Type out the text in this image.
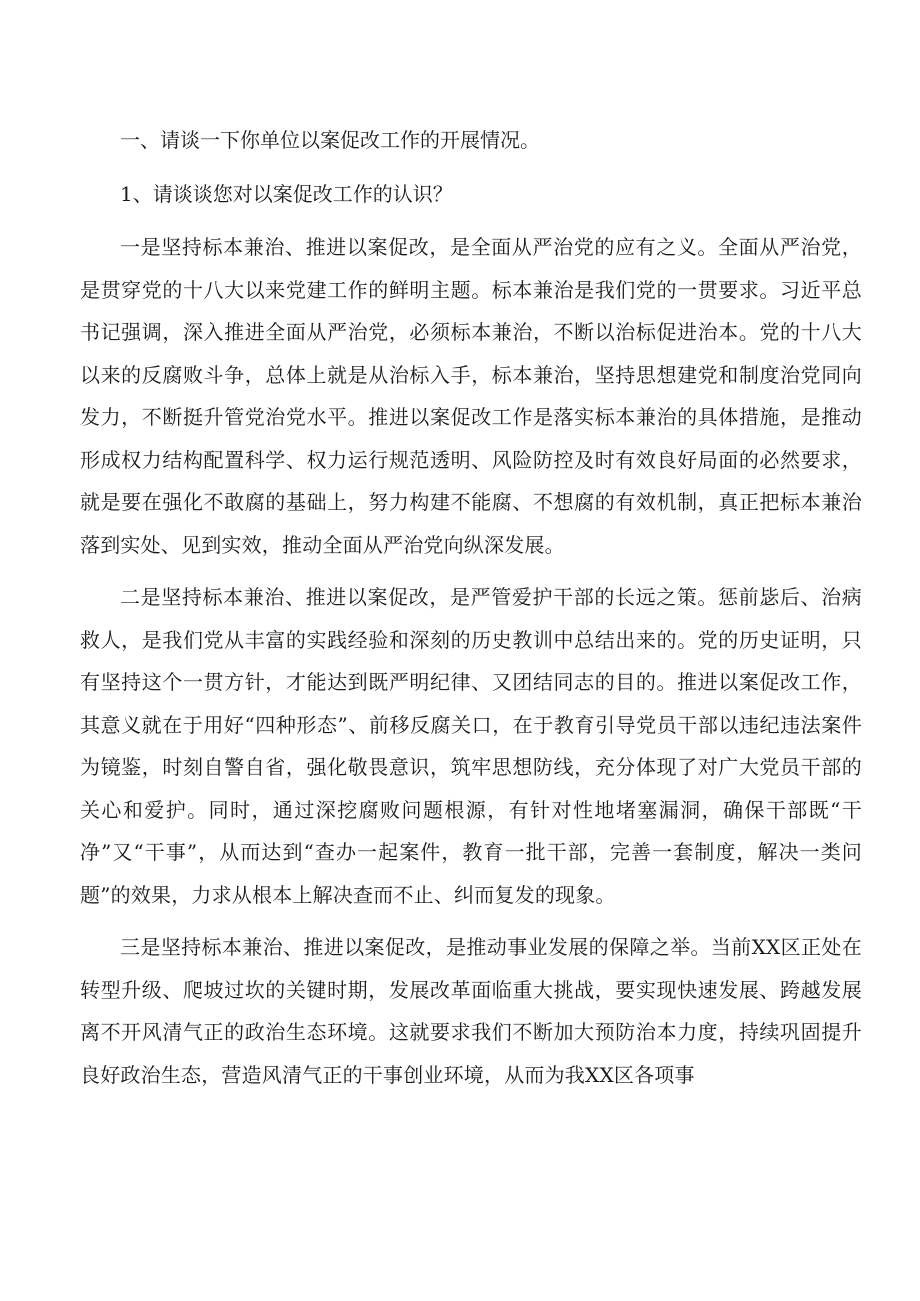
一、请谈一下你单位以案促改工作的开展情况。

1、请谈谈您对以案促改工作的认识？

一是坚持标本兼治、推进以案促改，是全面从严治党的应有之义。全面从严治党，是贯穿党的十八大以来党建工作的鲜明主题。标本兼治是我们党的一贯要求。习近平总书记强调，深入推进全面从严治党，必须标本兼治，不断以治标促进治本。党的十八大以来的反腐败斗争，总体上就是从治标入手，标本兼治，坚持思想建党和制度治党同向发力，不断挺升管党治党水平。推进以案促改工作是落实标本兼治的具体措施，是推动形成权力结构配置科学、权力运行规范透明、风险防控及时有效良好局面的必然要求，就是要在强化不敢腐的基础上，努力构建不能腐、不想腐的有效机制，真正把标本兼治落到实处、见到实效，推动全面从严治党向纵深发展。

二是坚持标本兼治、推进以案促改，是严管爱护干部的长远之策。惩前毖后、治病救人，是我们党从丰富的实践经验和深刻的历史教训中总结出来的。党的历史证明，只有坚持这个一贯方针，才能达到既严明纪律、又团结同志的目的。推进以案促改工作，其意义就在于用好“四种形态”、前移反腐关口，在于教育引导党员干部以违纪违法案件为镜鉴，时刻自警自省，强化敬畏意识，筑牢思想防线，充分体现了对广大党员干部的关心和爱护。同时，通过深挖腐败问题根源，有针对性地堵塞漏洞，确保干部既“干净”又“干事”，从而达到“查办一起案件，教育一批干部，完善一套制度，解决一类问题”的效果，力求从根本上解决查而不止、纠而复发的现象。

三是坚持标本兼治、推进以案促改，是推动事业发展的保障之举。当前XX区正处在转型升级、爬坡过坎的关键时期，发展改革面临重大挑战，要实现快速发展、跨越发展离不开风清气正的政治生态环境。这就要求我们不断加大预防治本力度，持续巩固提升良好政治生态，营造风清气正的干事创业环境，从而为我XX区各项事
